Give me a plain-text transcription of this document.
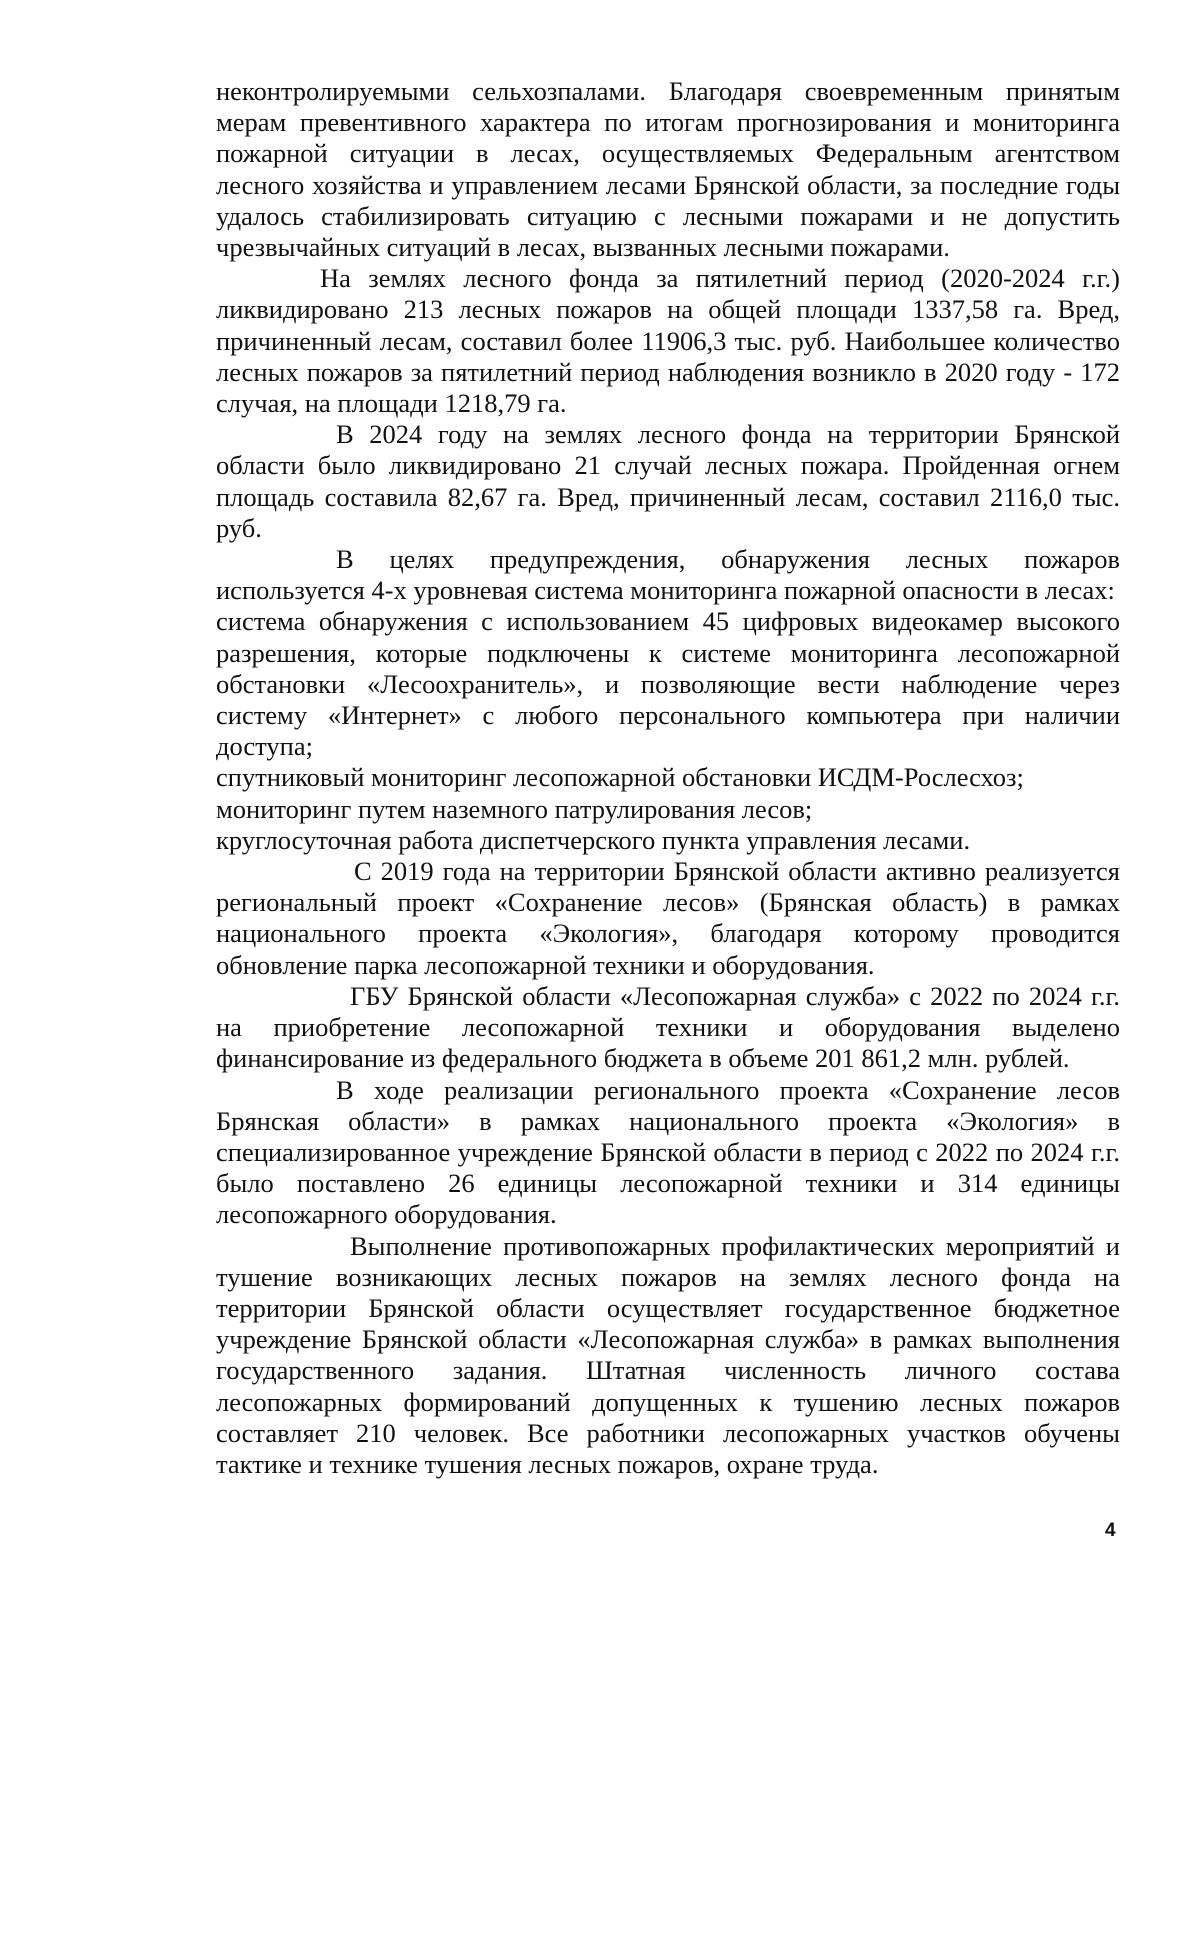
неконтролируемыми сельхозпалами. Благодаря своевременным принятым мерам превентивного характера по итогам прогнозирования и мониторинга пожарной ситуации в лесах, осуществляемых Федеральным агентством лесного хозяйства и управлением лесами Брянской области, за последние годы удалось стабилизировать ситуацию с лесными пожарами и не допустить чрезвычайных ситуаций в лесах, вызванных лесными пожарами.

На землях лесного фонда за пятилетний период (2020-2024 г.г.) ликвидировано 213 лесных пожаров на общей площади 1337,58 га. Вред, причиненный лесам, составил более 11906,3 тыс. руб. Наибольшее количество лесных пожаров за пятилетний период наблюдения возникло в 2020 году - 172 случая, на площади 1218,79 га.

В 2024 году на землях лесного фонда на территории Брянской области было ликвидировано 21 случай лесных пожара. Пройденная огнем площадь составила 82,67 га. Вред, причиненный лесам, составил 2116,0 тыс. руб.

В целях предупреждения, обнаружения лесных пожаров используется 4-х уровневая система мониторинга пожарной опасности в лесах:

система обнаружения с использованием 45 цифровых видеокамер высокого разрешения, которые подключены к системе мониторинга лесопожарной обстановки «Лесоохранитель», и позволяющие вести наблюдение через систему «Интернет» с любого персонального компьютера при наличии доступа;

спутниковый мониторинг лесопожарной обстановки ИСДМ-Рослесхоз;

мониторинг путем наземного патрулирования лесов;

круглосуточная работа диспетчерского пункта управления лесами.

С 2019 года на территории Брянской области активно реализуется региональный проект «Сохранение лесов» (Брянская область) в рамках национального проекта «Экология», благодаря которому проводится обновление парка лесопожарной техники и оборудования.

ГБУ Брянской области «Лесопожарная служба» с 2022 по 2024 г.г. на приобретение лесопожарной техники и оборудования выделено финансирование из федерального бюджета в объеме 201 861,2 млн. рублей.

В ходе реализации регионального проекта «Сохранение лесов Брянская области» в рамках национального проекта «Экология» в специализированное учреждение Брянской области в период с 2022 по 2024 г.г. было поставлено 26 единицы лесопожарной техники и 314 единицы лесопожарного оборудования.

Выполнение противопожарных профилактических мероприятий и тушение возникающих лесных пожаров на землях лесного фонда на территории Брянской области осуществляет государственное бюджетное учреждение Брянской области «Лесопожарная служба» в рамках выполнения государственного задания. Штатная численность личного состава лесопожарных формирований допущенных к тушению лесных пожаров составляет 210 человек. Все работники лесопожарных участков обучены тактике и технике тушения лесных пожаров, охране труда.

4
